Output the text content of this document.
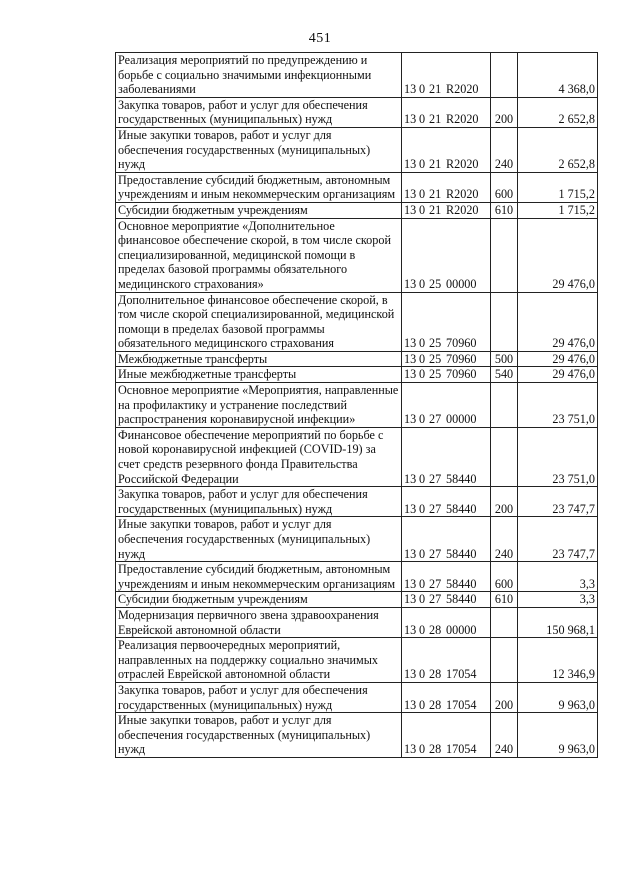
451
Реализация мероприятий по предупреждению и борьбе с социально значимыми инфекционными заболеваниями	13 0 21 R2020		4 368,0
Закупка товаров, работ и услуг для обеспечения государственных (муниципальных) нужд	13 0 21 R2020	200	2 652,8
Иные закупки товаров, работ и услуг для обеспечения государственных (муниципальных) нужд	13 0 21 R2020	240	2 652,8
Предоставление субсидий бюджетным, автономным учреждениям и иным некоммерческим организациям	13 0 21 R2020	600	1 715,2
Субсидии бюджетным учреждениям	13 0 21 R2020	610	1 715,2
Основное мероприятие «Дополнительное финансовое обеспечение скорой, в том числе скорой специализированной, медицинской помощи в пределах базовой программы обязательного медицинского страхования»	13 0 25 00000		29 476,0
Дополнительное финансовое обеспечение скорой, в том числе скорой специализированной, медицинской помощи в пределах базовой программы обязательного медицинского страхования	13 0 25 70960		29 476,0
Межбюджетные трансферты	13 0 25 70960	500	29 476,0
Иные межбюджетные трансферты	13 0 25 70960	540	29 476,0
Основное мероприятие «Мероприятия, направленные на профилактику и устранение последствий распространения коронавирусной инфекции»	13 0 27 00000		23 751,0
Финансовое обеспечение мероприятий по борьбе с новой коронавирусной инфекцией (COVID-19) за счет средств резервного фонда Правительства Российской Федерации	13 0 27 58440		23 751,0
Закупка товаров, работ и услуг для обеспечения государственных (муниципальных) нужд	13 0 27 58440	200	23 747,7
Иные закупки товаров, работ и услуг для обеспечения государственных (муниципальных) нужд	13 0 27 58440	240	23 747,7
Предоставление субсидий бюджетным, автономным учреждениям и иным некоммерческим организациям	13 0 27 58440	600	3,3
Субсидии бюджетным учреждениям	13 0 27 58440	610	3,3
Модернизация первичного звена здравоохранения Еврейской автономной области	13 0 28 00000		150 968,1
Реализация первоочередных мероприятий, направленных на поддержку социально значимых отраслей Еврейской автономной области	13 0 28 17054		12 346,9
Закупка товаров, работ и услуг для обеспечения государственных (муниципальных) нужд	13 0 28 17054	200	9 963,0
Иные закупки товаров, работ и услуг для обеспечения государственных (муниципальных) нужд	13 0 28 17054	240	9 963,0
